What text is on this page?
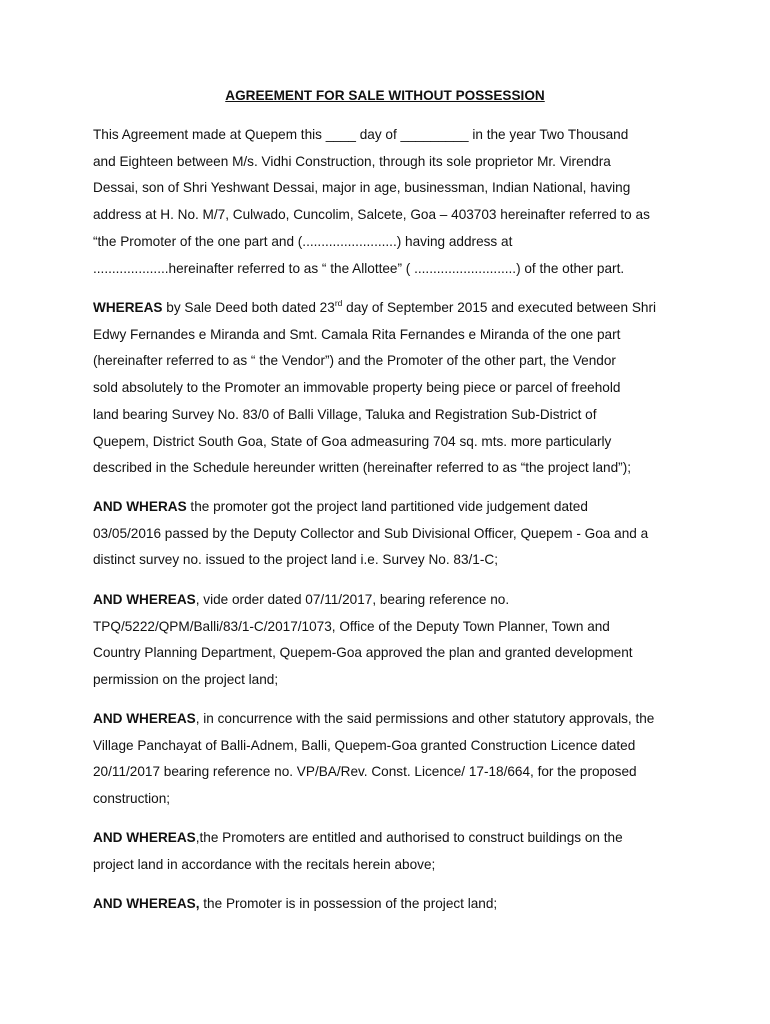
AGREEMENT FOR SALE WITHOUT POSSESSION
This Agreement made at Quepem this ____ day of _________ in the year Two Thousand
and Eighteen between M/s. Vidhi Construction, through its sole proprietor Mr. Virendra
Dessai, son of Shri Yeshwant Dessai, major in age, businessman, Indian National, having
address at H. No. M/7, Culwado, Cuncolim, Salcete, Goa – 403703 hereinafter referred to as
“the Promoter of the one part and (.........................) having address at
....................hereinafter referred to as “ the Allottee” ( ...........................) of the other part.
WHEREAS by Sale Deed both dated 23rd day of September 2015 and executed between Shri
Edwy Fernandes e Miranda and Smt. Camala Rita Fernandes e Miranda of the one part
(hereinafter referred to as “ the Vendor”) and the Promoter of the other part, the Vendor
sold absolutely to the Promoter an immovable property being piece or parcel of freehold
land bearing Survey No. 83/0 of Balli Village, Taluka and Registration Sub-District of
Quepem, District South Goa, State of Goa admeasuring 704 sq. mts. more particularly
described in the Schedule hereunder written (hereinafter referred to as “the project land”);
AND WHERAS the promoter got the project land partitioned vide judgement dated
03/05/2016 passed by the Deputy Collector and Sub Divisional Officer, Quepem - Goa and a
distinct survey no. issued to the project land i.e. Survey No. 83/1-C;
AND WHEREAS, vide order dated 07/11/2017, bearing reference no.
TPQ/5222/QPM/Balli/83/1-C/2017/1073, Office of the Deputy Town Planner, Town and
Country Planning Department, Quepem-Goa approved the plan and granted development
permission on the project land;
AND WHEREAS, in concurrence with the said permissions and other statutory approvals, the
Village Panchayat of Balli-Adnem, Balli, Quepem-Goa granted Construction Licence dated
20/11/2017 bearing reference no. VP/BA/Rev. Const. Licence/ 17-18/664, for the proposed
construction;
AND WHEREAS,the Promoters are entitled and authorised to construct buildings on the
project land in accordance with the recitals herein above;
AND WHEREAS, the Promoter is in possession of the project land;
